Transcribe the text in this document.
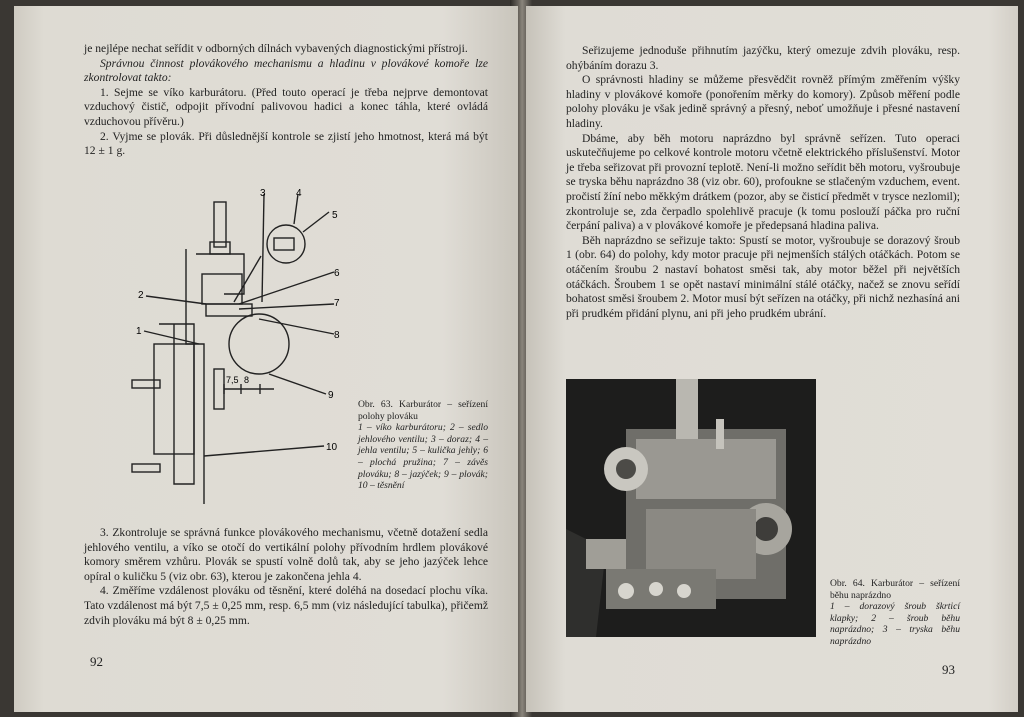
je nejlépe nechat seřídit v odborných dílnách vybavených diagnostickými přístroji.

Správnou činnost plovákového mechanismu a hladinu v plovákové komoře lze zkontrolovat takto:

1. Sejme se víko karburátoru. (Před touto operací je třeba nejprve demontovat vzduchový čistič, odpojit přívodní palivovou hadici a konec táhla, které ovládá vzduchovou přívěru.)

2. Vyjme se plovák. Při důslednější kontrole se zjistí jeho hmotnost, která má být 12 ± 1 g.

3	4
5
6
7
8
9
10
2
1
7,5 8

Obr. 63. Karburátor – seřízení polohy plováku

1 – víko karburátoru; 2 – sedlo jehlového ventilu; 3 – doraz; 4 – jehla ventilu; 5 – kulička jehly; 6 – plochá pružina; 7 – závěs plováku; 8 – jazýček; 9 – plovák; 10 – těsnění

3. Zkontroluje se správná funkce plovákového mechanismu, včetně dotažení sedla jehlového ventilu, a víko se otočí do vertikální polohy přívodním hrdlem plovákové komory směrem vzhůru. Plovák se spustí volně dolů tak, aby se jeho jazýček lehce opíral o kuličku 5 (viz obr. 63), kterou je zakončena jehla 4.

4. Změříme vzdálenost plováku od těsnění, které doléhá na dosedací plochu víka. Tato vzdálenost má být 7,5 ± 0,25 mm, resp. 6,5 mm (viz následující tabulka), přičemž zdvih plováku má být 8 ± 0,25 mm.

92

Seřizujeme jednoduše přihnutím jazýčku, který omezuje zdvih plováku, resp. ohýbáním dorazu 3.

O správnosti hladiny se můžeme přesvědčit rovněž přímým změřením výšky hladiny v plovákové komoře (ponořením měrky do komory). Způsob měření podle polohy plováku je však jedině správný a přesný, neboť umožňuje i přesné nastavení hladiny.

Dbáme, aby běh motoru naprázdno byl správně seřízen. Tuto operaci uskutečňujeme po celkové kontrole motoru včetně elektrického příslušenství. Motor je třeba seřizovat při provozní teplotě. Není-li možno seřídit běh motoru, vyšroubuje se tryska běhu naprázdno 38 (viz obr. 60), profoukne se stlačeným vzduchem, event. pročistí žíní nebo měkkým drátkem (pozor, aby se čisticí předmět v trysce nezlomil); zkontroluje se, zda čerpadlo spolehlivě pracuje (k tomu poslouží páčka pro ruční čerpání paliva) a v plovákové komoře je předepsaná hladina paliva.

Běh naprázdno se seřizuje takto: Spustí se motor, vyšroubuje se dorazový šroub 1 (obr. 64) do polohy, kdy motor pracuje při nejmenších stálých otáčkách. Potom se otáčením šroubu 2 nastaví bohatost směsi tak, aby motor běžel při největších otáčkách. Šroubem 1 se opět nastaví minimální stálé otáčky, načež se znovu seřídí bohatost směsi šroubem 2. Motor musí být seřízen na otáčky, při nichž nezhasíná ani při prudkém přidání plynu, ani při jeho prudkém ubrání.

Obr. 64. Karburátor – seřízení běhu naprázdno

1 – dorazový šroub škrticí klapky; 2 – šroub běhu naprázdno; 3 – tryska běhu naprázdno

93
